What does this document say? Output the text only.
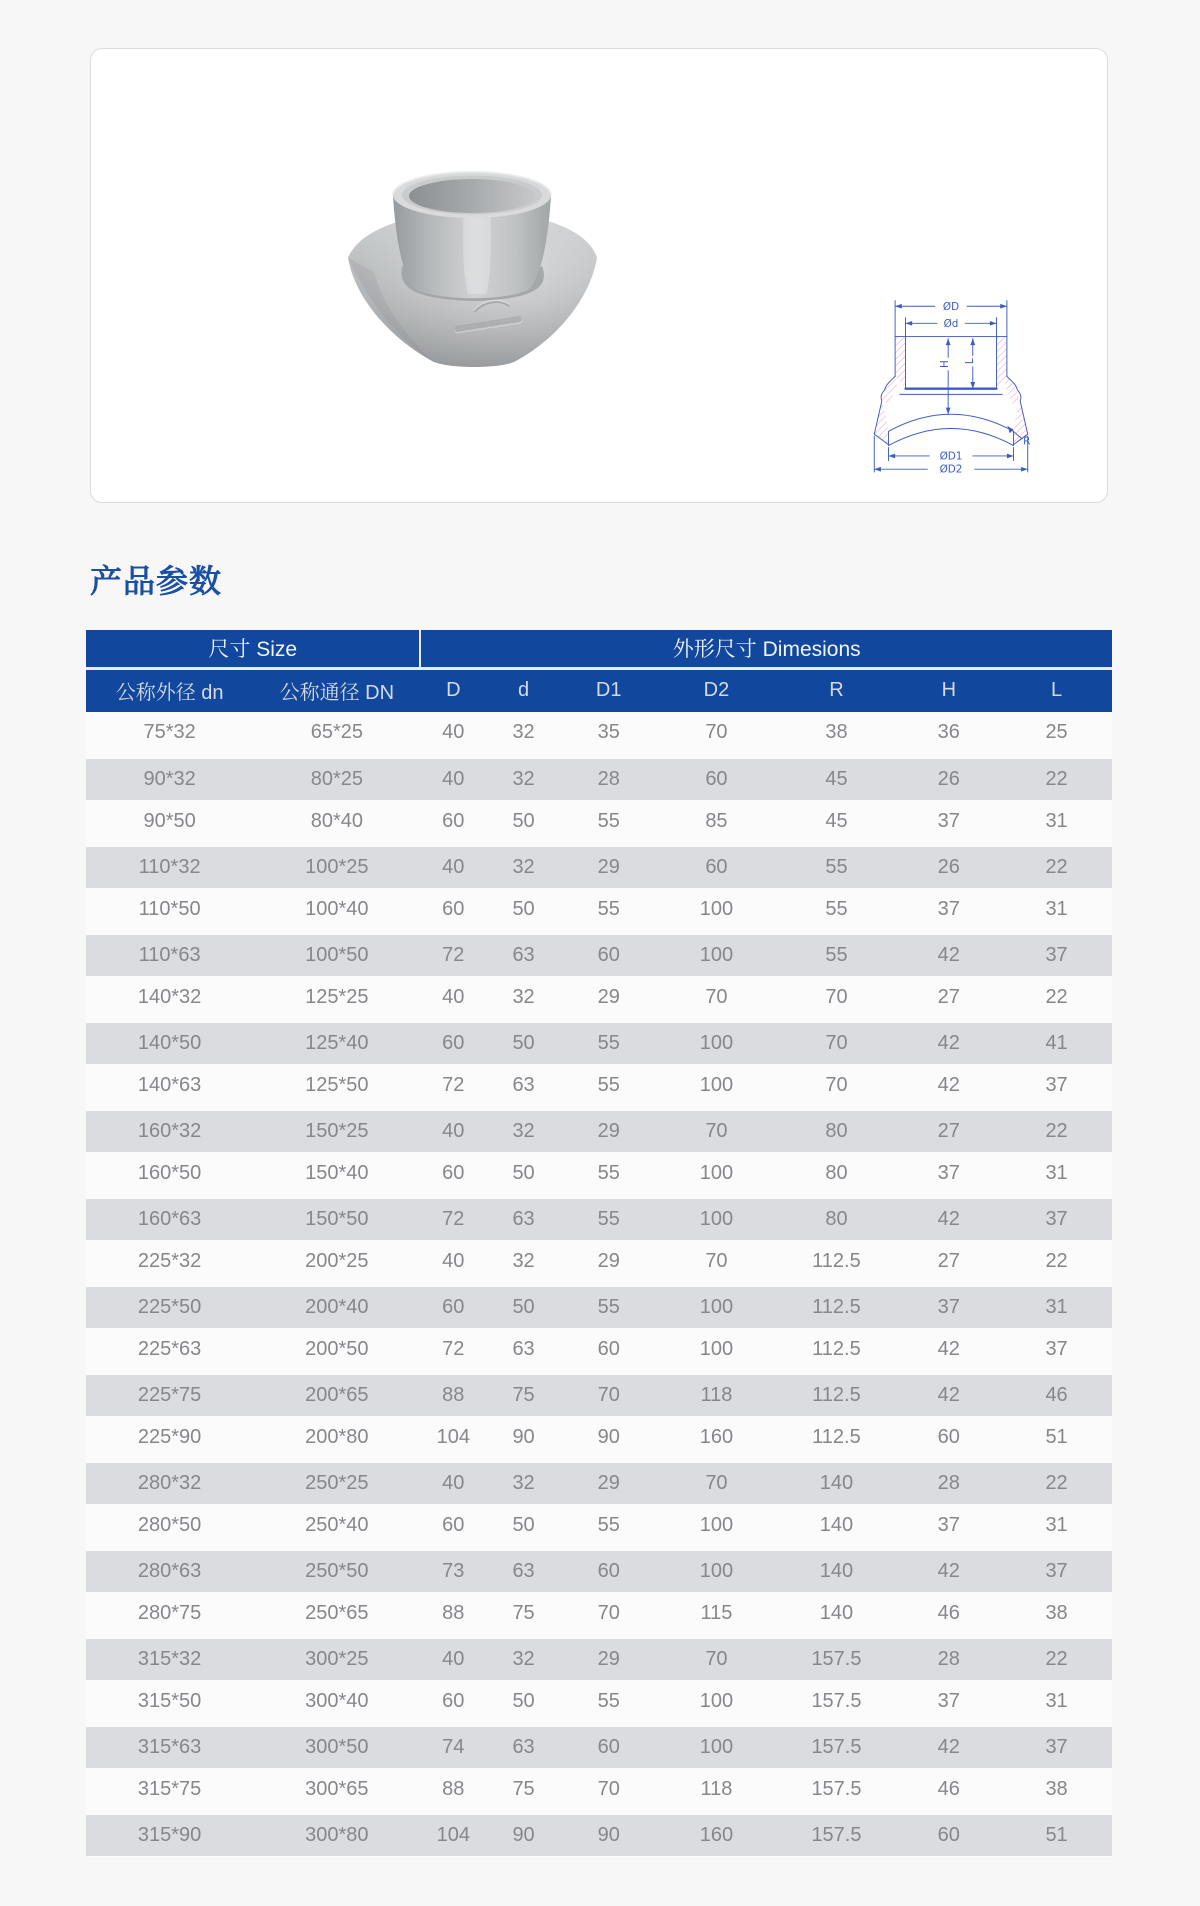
ØD
Ød
H L
ØD1
ØD2
R
产品参数
尺寸 Size		外形尺寸 Dimesions						
公称外径 dn	公称通径 DN	D	d	D1	D2	R	H	L
75*32	65*25	40	32	35	70	38	36	25
90*32	80*25	40	32	28	60	45	26	22
90*50	80*40	60	50	55	85	45	37	31
110*32	100*25	40	32	29	60	55	26	22
110*50	100*40	60	50	55	100	55	37	31
110*63	100*50	72	63	60	100	55	42	37
140*32	125*25	40	32	29	70	70	27	22
140*50	125*40	60	50	55	100	70	42	41
140*63	125*50	72	63	55	100	70	42	37
160*32	150*25	40	32	29	70	80	27	22
160*50	150*40	60	50	55	100	80	37	31
160*63	150*50	72	63	55	100	80	42	37
225*32	200*25	40	32	29	70	112.5	27	22
225*50	200*40	60	50	55	100	112.5	37	31
225*63	200*50	72	63	60	100	112.5	42	37
225*75	200*65	88	75	70	118	112.5	42	46
225*90	200*80	104	90	90	160	112.5	60	51
280*32	250*25	40	32	29	70	140	28	22
280*50	250*40	60	50	55	100	140	37	31
280*63	250*50	73	63	60	100	140	42	37
280*75	250*65	88	75	70	115	140	46	38
315*32	300*25	40	32	29	70	157.5	28	22
315*50	300*40	60	50	55	100	157.5	37	31
315*63	300*50	74	63	60	100	157.5	42	37
315*75	300*65	88	75	70	118	157.5	46	38
315*90	300*80	104	90	90	160	157.5	60	51
